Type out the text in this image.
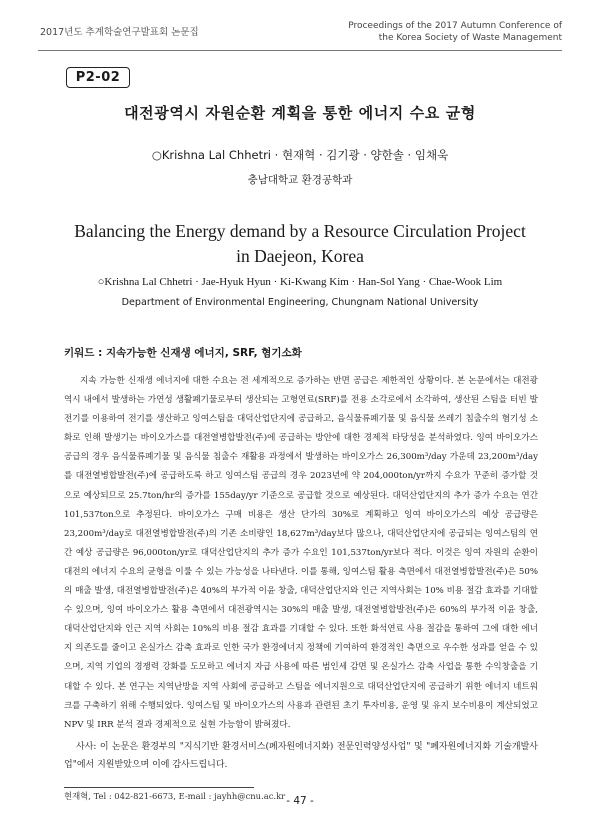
2017년도 추계학술연구발표회 논문집
Proceedings of the 2017 Autumn Conference of
the Korea Society of Waste Management
P2-02
대전광역시 자원순환 계획을 통한 에너지 수요 균형
○Krishna Lal Chhetri · 현재혁 · 김기광 · 양한솔 · 임채욱
충남대학교 환경공학과
Balancing the Energy demand by a Resource Circulation Project
in Daejeon, Korea
○Krishna Lal Chhetri · Jae-Hyuk Hyun · Ki-Kwang Kim · Han-Sol Yang · Chae-Wook Lim
Department of Environmental Engineering, Chungnam National University
키워드 : 지속가능한 신재생 에너지, SRF, 혐기소화

지속 가능한 신재생 에너지에 대한 수요는 전 세계적으로 증가하는 반면 공급은 제한적인 상황이다. 본 논문에서는 대전광역시 내에서 발생하는 가연성 생활폐기물로부터 생산되는 고형연료(SRF)를 전용 소각로에서 소각하여, 생산된 스팀을 터빈 발전기를 이용하여 전기를 생산하고 잉여스팀을 대덕산업단지에 공급하고, 음식물류폐기물 및 음식물 쓰레기 침출수의 혐기성 소화로 인해 발생기는 바이오가스를 대전열병합발전(주)에 공급하는 방안에 대한 경제적 타당성을 분석하였다. 잉여 바이오가스 공급의 경우 음식물류폐기물 및 음식물 침출수 재활용 과정에서 발생하는 바이오가스 26,300m³/day 가운데 23,200m³/day를 대전열병합발전(주)에 공급하도록 하고 잉여스팀 공급의 경우 2023년에 약 204,000ton/yr까지 수요가 꾸준히 증가할 것으로 예상되므로 25.7ton/hr의 증가를 155day/yr 기준으로 공급할 것으로 예상된다. 대덕산업단지의 추가 증가 수요는 연간 101,537ton으로 추정된다. 바이오가스 구매 비용은 생산 단가의 30%로 계획하고 잉여 바이오가스의 예상 공급량은 23,200m³/day로 대전열병합발전(주)의 기존 소비량인 18,627m³/day보다 많으나, 대덕산업단지에 공급되는 잉여스팀의 연간 예상 공급량은 96,000ton/yr로 대덕산업단지의 추가 증가 수요인 101,537ton/yr보다 적다. 이것은 잉여 자원의 순환이 대전의 에너지 수요의 균형을 이룰 수 있는 가능성을 나타낸다. 이를 통해, 잉여스팀 활용 측면에서 대전열병합발전(주)은 50%의 매출 발생, 대전열병합발전(주)은 40%의 부가적 이윤 창출, 대덕산업단지와 인근 지역사회는 10% 비용 절감 효과를 기대할 수 있으며, 잉여 바이오가스 활용 측면에서 대전광역시는 30%의 매출 발생, 대전열병합발전(주)은 60%의 부가적 이윤 창출, 대덕산업단지와 인근 지역 사회는 10%의 비용 절감 효과를 기대할 수 있다. 또한 화석연료 사용 절감을 통하여 그에 대한 에너지 의존도를 줄이고 온실가스 감축 효과로 인한 국가 환경에너지 정책에 기여하여 환경적인 측면으로 우수한 성과를 얻을 수 있으며, 지역 기업의 경쟁력 강화를 도모하고 에너지 자급 사용에 따른 범인세 감면 및 온실가스 감축 사업을 통한 수익창출을 기대할 수 있다. 본 연구는 지역난방을 지역 사회에 공급하고 스팀을 에너지원으로 대덕산업단지에 공급하기 위한 에너지 네트워크를 구축하기 위해 수행되었다. 잉여스팀 및 바이오가스의 사용과 관련된 초기 투자비용, 운영 및 유지 보수비용이 계산되었고 NPV 및 IRR 분석 결과 경제적으로 실현 가능함이 밝혀졌다.

사사: 이 논문은 환경부의 "지식기반 환경서비스(폐자원에너지화) 전문인력양성사업" 및 "폐자원에너지화 기술개발사업"에서 지원받았으며 이에 감사드립니다.

현재혁, Tel : 042-821-6673, E-mail : jayhh@cnu.ac.kr - 47 -
